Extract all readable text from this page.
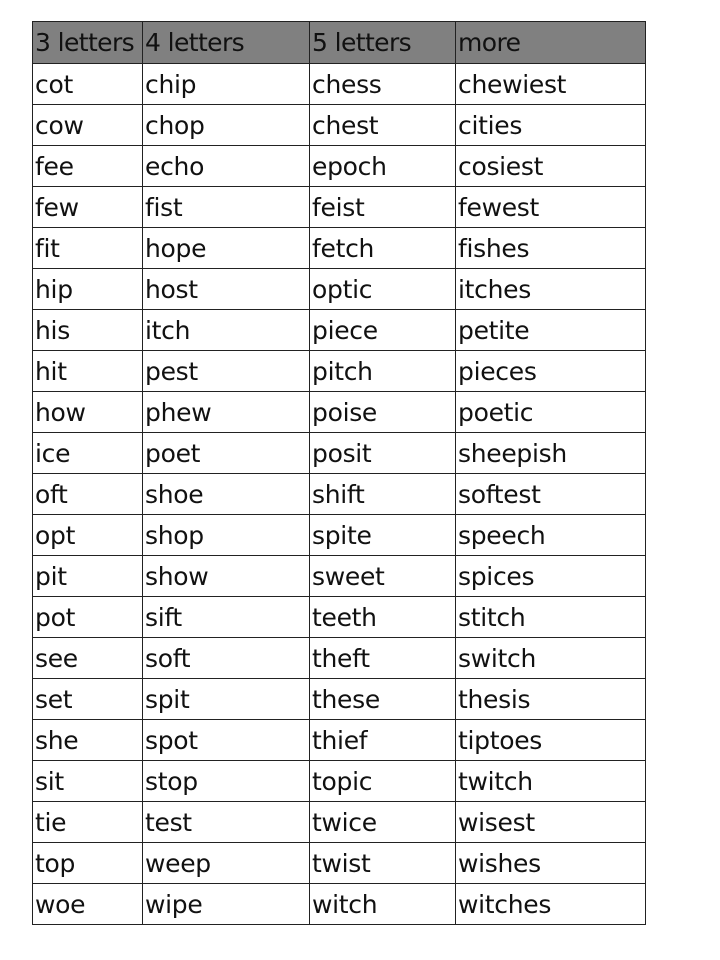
3 letters	4 letters	5 letters	more
cot	chip	chess	chewiest
cow	chop	chest	cities
fee	echo	epoch	cosiest
few	fist	feist	fewest
fit	hope	fetch	fishes
hip	host	optic	itches
his	itch	piece	petite
hit	pest	pitch	pieces
how	phew	poise	poetic
ice	poet	posit	sheepish
oft	shoe	shift	softest
opt	shop	spite	speech
pit	show	sweet	spices
pot	sift	teeth	stitch
see	soft	theft	switch
set	spit	these	thesis
she	spot	thief	tiptoes
sit	stop	topic	twitch
tie	test	twice	wisest
top	weep	twist	wishes
woe	wipe	witch	witches
